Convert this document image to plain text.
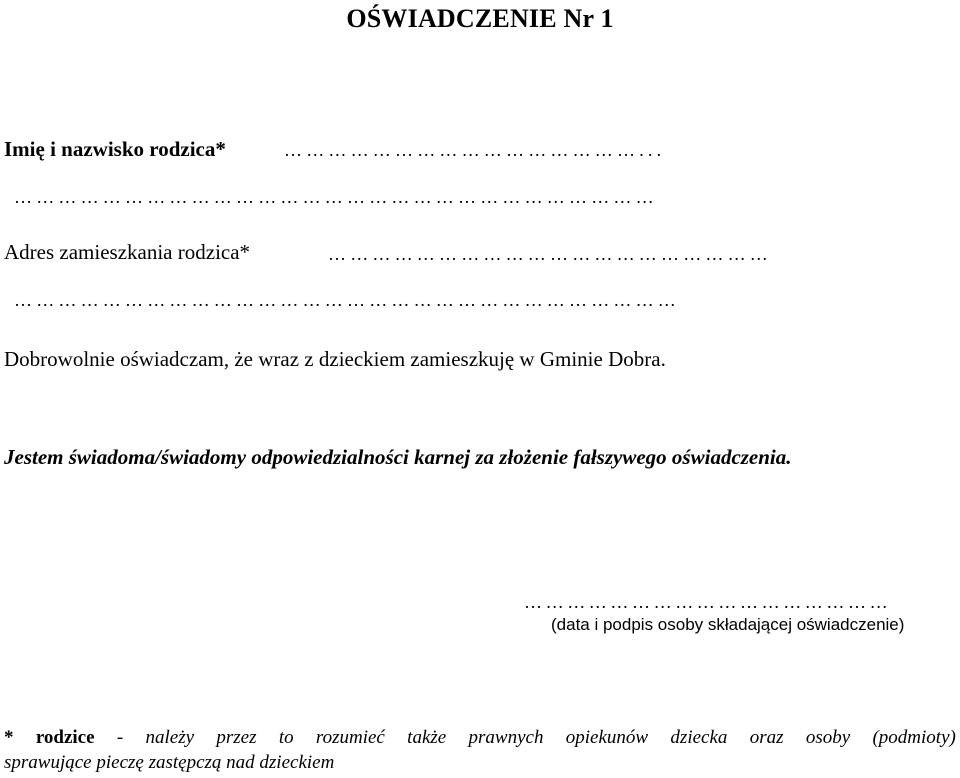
OŚWIADCZENIE Nr 1
Imię i nazwisko rodzica*	…………………………………………...
……………………………………………………………………………
Adres zamieszkania rodzica*	……………………………………………………
………………………………………………………………………………
Dobrowolnie oświadczam, że wraz z dzieckiem zamieszkuję w Gminie Dobra.
Jestem świadoma/świadomy odpowiedzialności karnej za złożenie fałszywego oświadczenia.
……………………………………………
(data i podpis osoby składającej oświadczenie)
* rodzice - należy przez to rozumieć także prawnych opiekunów dziecka oraz osoby (podmioty)
sprawujące pieczę zastępczą nad dzieckiem
